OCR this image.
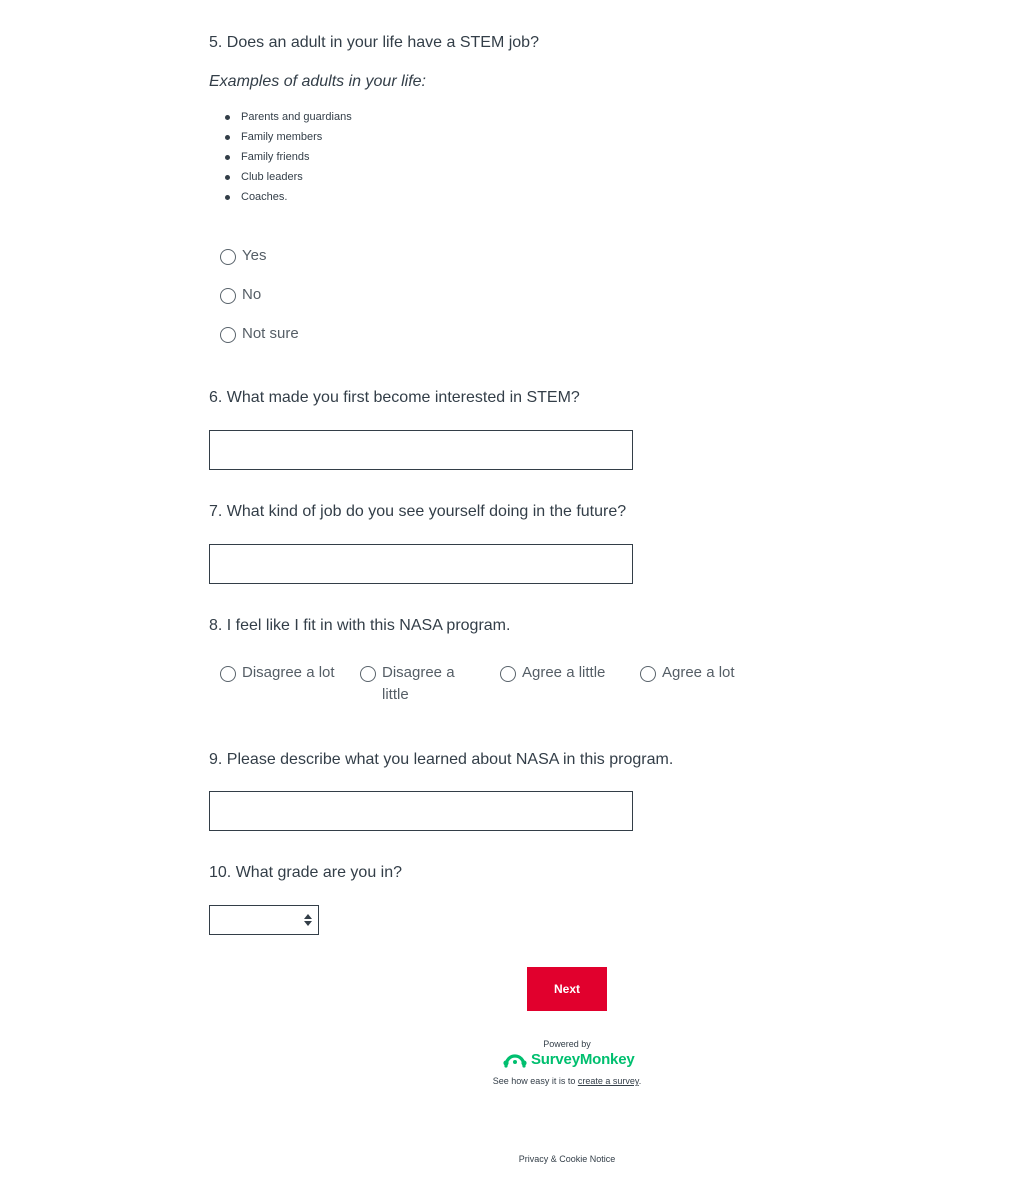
5. Does an adult in your life have a STEM job?
Examples of adults in your life:
Parents and guardians
Family members
Family friends
Club leaders
Coaches.
Yes
No
Not sure
6. What made you first become interested in STEM?
7. What kind of job do you see yourself doing in the future?
8. I feel like I fit in with this NASA program.
Disagree a lot	Disagree a little
Agree a little	Agree a lot
9. Please describe what you learned about NASA in this program.
10. What grade are you in?
Next
Powered by
SurveyMonkey
See how easy it is to create a survey.
Privacy & Cookie Notice
